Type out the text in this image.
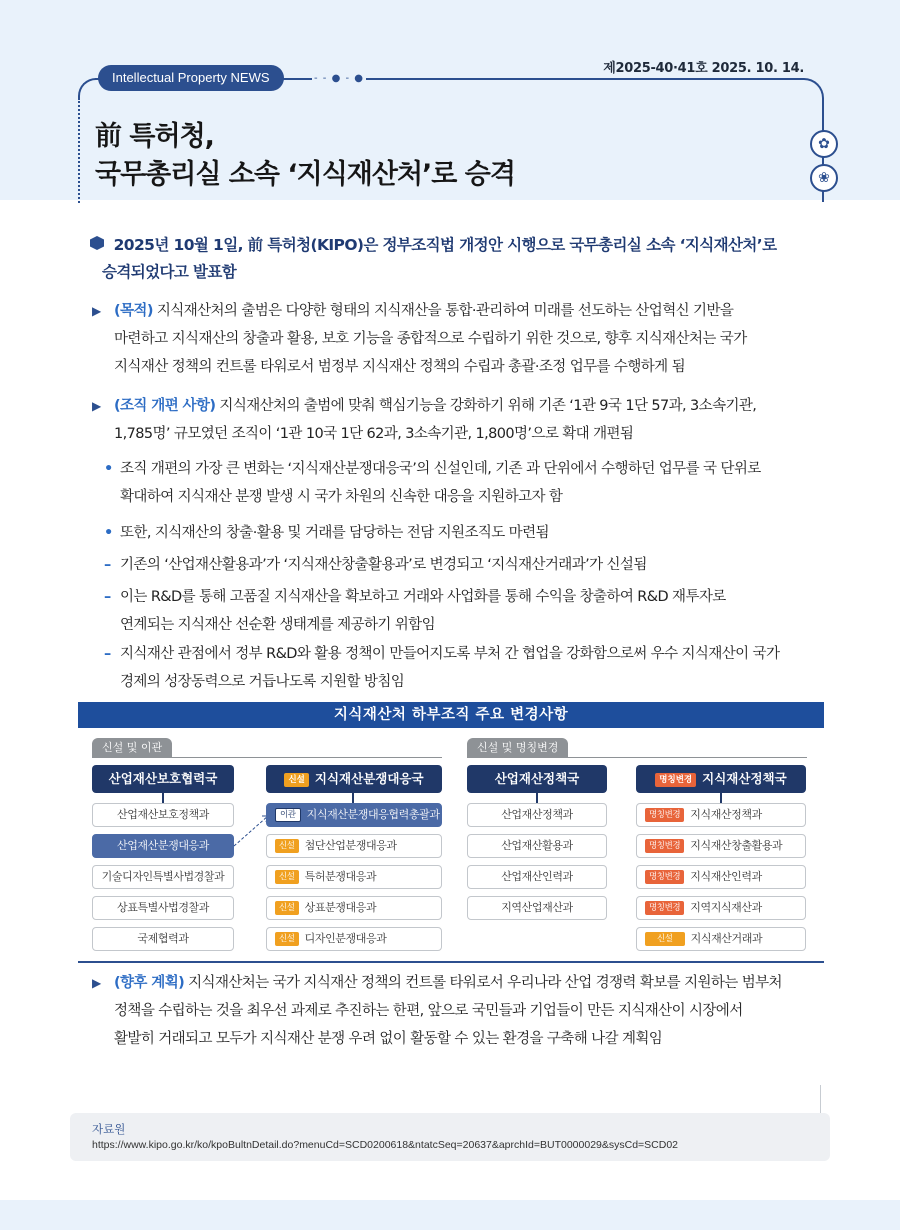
- - ● - ●
Intellectual Property NEWS
제2025-40·41호 2025. 10. 14.
✿
❀
前 특허청,
국무총리실 소속 ‘지식재산처’로 승격

2025년 10월 1일, 前 특허청(KIPO)은 정부조직법 개정안 시행으로 국무총리실 소속 ‘지식재산처’로

승격되었다고 발표함

▶ (목적) 지식재산처의 출범은 다양한 형태의 지식재산을 통합·관리하여 미래를 선도하는 산업혁신 기반을
마련하고 지식재산의 창출과 활용, 보호 기능을 종합적으로 수립하기 위한 것으로, 향후 지식재산처는 국가
지식재산 정책의 컨트롤 타워로서 범정부 지식재산 정책의 수립과 총괄·조정 업무를 수행하게 됨
▶ (조직 개편 사항) 지식재산처의 출범에 맞춰 핵심기능을 강화하기 위해 기존 ‘1관 9국 1단 57과, 3소속기관,
1,785명’ 규모였던 조직이 ‘1관 10국 1단 62과, 3소속기관, 1,800명’으로 확대 개편됨
• 조직 개편의 가장 큰 변화는 ‘지식재산분쟁대응국’의 신설인데, 기존 과 단위에서 수행하던 업무를 국 단위로
확대하여 지식재산 분쟁 발생 시 국가 차원의 신속한 대응을 지원하고자 함
• 또한, 지식재산의 창출·활용 및 거래를 담당하는 전담 지원조직도 마련됨
– 기존의 ‘산업재산활용과’가 ‘지식재산창출활용과’로 변경되고 ‘지식재산거래과’가 신설됨
– 이는 R&D를 통해 고품질 지식재산을 확보하고 거래와 사업화를 통해 수익을 창출하여 R&D 재투자로
연계되는 지식재산 선순환 생태계를 제공하기 위함임
– 지식재산 관점에서 정부 R&D와 활용 정책이 만들어지도록 부처 간 협업을 강화함으로써 우수 지식재산이 국가
경제의 성장동력으로 거듭나도록 지원할 방침임
지식재산처 하부조직 주요 변경사항
신설 및 이관	신설 및 명칭변경
산업재산보호협력국
산업재산보호정책과
산업재산분쟁대응과
기술디자인특별사법경찰과
상표특별사법경찰과
국제협력과
신설 지식재산분쟁대응국
이관 지식재산분쟁대응협력총괄과
신설 첨단산업분쟁대응과
신설 특허분쟁대응과
신설 상표분쟁대응과
신설 디자인분쟁대응과
산업재산정책국
산업재산정책과
산업재산활용과
산업재산인력과
지역산업재산과
명칭변경 지식재산정책국
명칭변경 지식재산정책과
명칭변경 지식재산창출활용과
명칭변경 지식재산인력과
명칭변경 지역지식재산과
신설 지식재산거래과
▶ (향후 계획) 지식재산처는 국가 지식재산 정책의 컨트롤 타워로서 우리나라 산업 경쟁력 확보를 지원하는 범부처
정책을 수립하는 것을 최우선 과제로 추진하는 한편, 앞으로 국민들과 기업들이 만든 지식재산이 시장에서
활발히 거래되고 모두가 지식재산 분쟁 우려 없이 활동할 수 있는 환경을 구축해 나갈 계획임
자료원
https://www.kipo.go.kr/ko/kpoBultnDetail.do?menuCd=SCD0200618&ntatcSeq=20637&aprchId=BUT0000029&sysCd=SCD02
